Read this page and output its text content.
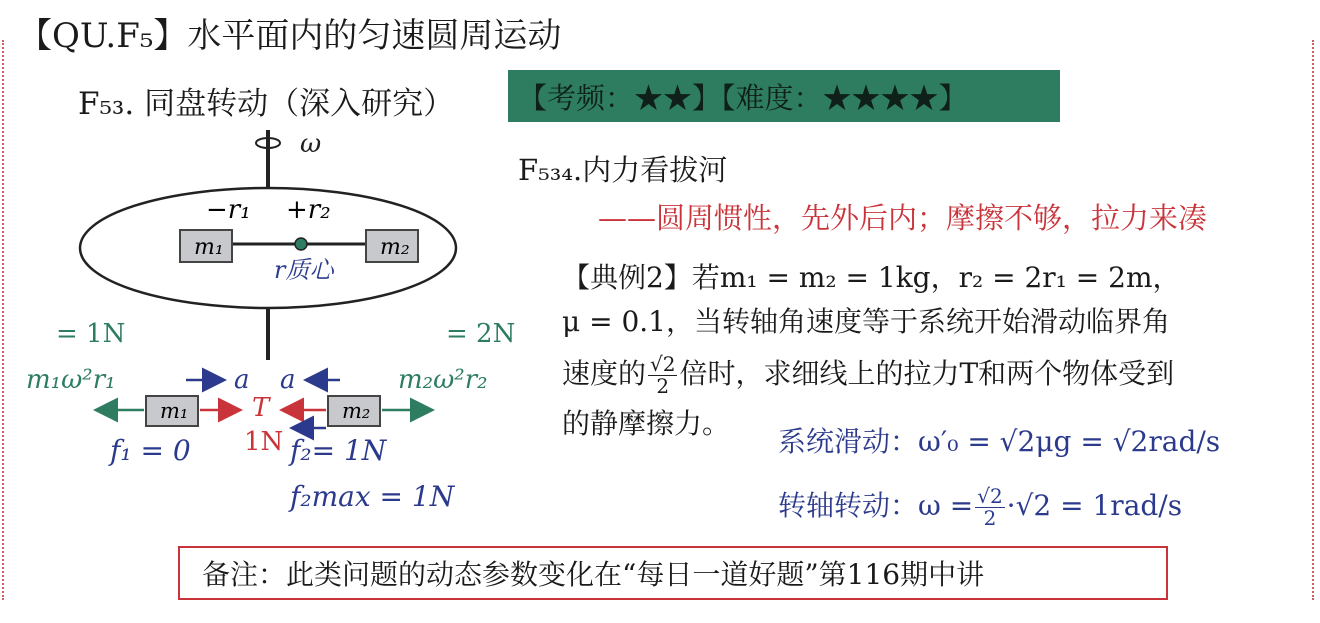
【QU.F₅】水平面内的匀速圆周运动
F₅₃. 同盘转动（深入研究） 【考频：★★】【难度：★★★★】
ω
m₁	m₂
−r₁ +r₂
r质心
= 1N	= 2N
m₁ω²r₁	m₂ω²r₂
a a
m₁ T	m₂
f₁ = 0 1N f₂= 1N
f₂max = 1N
F₅₃₄.内力看拔河
——圆周惯性，先外后内；摩擦不够，拉力来凑
【典例2】若m₁ = m₂ = 1kg，r₂ = 2r₁ = 2m，
μ = 0.1，当转轴角速度等于系统开始滑动临界角
速度的 $\frac{√2}{2}$ 倍时，求细线上的拉力T和两个物体受到
的静摩擦力。
系统滑动：ω′₀ = √2μg = √2rad/s
转轴转动：$\omega = \frac{√2}{2} \cdot√2 = 1rad/s$
备注：此类问题的动态参数变化在“每日一道好题”第116期中讲
